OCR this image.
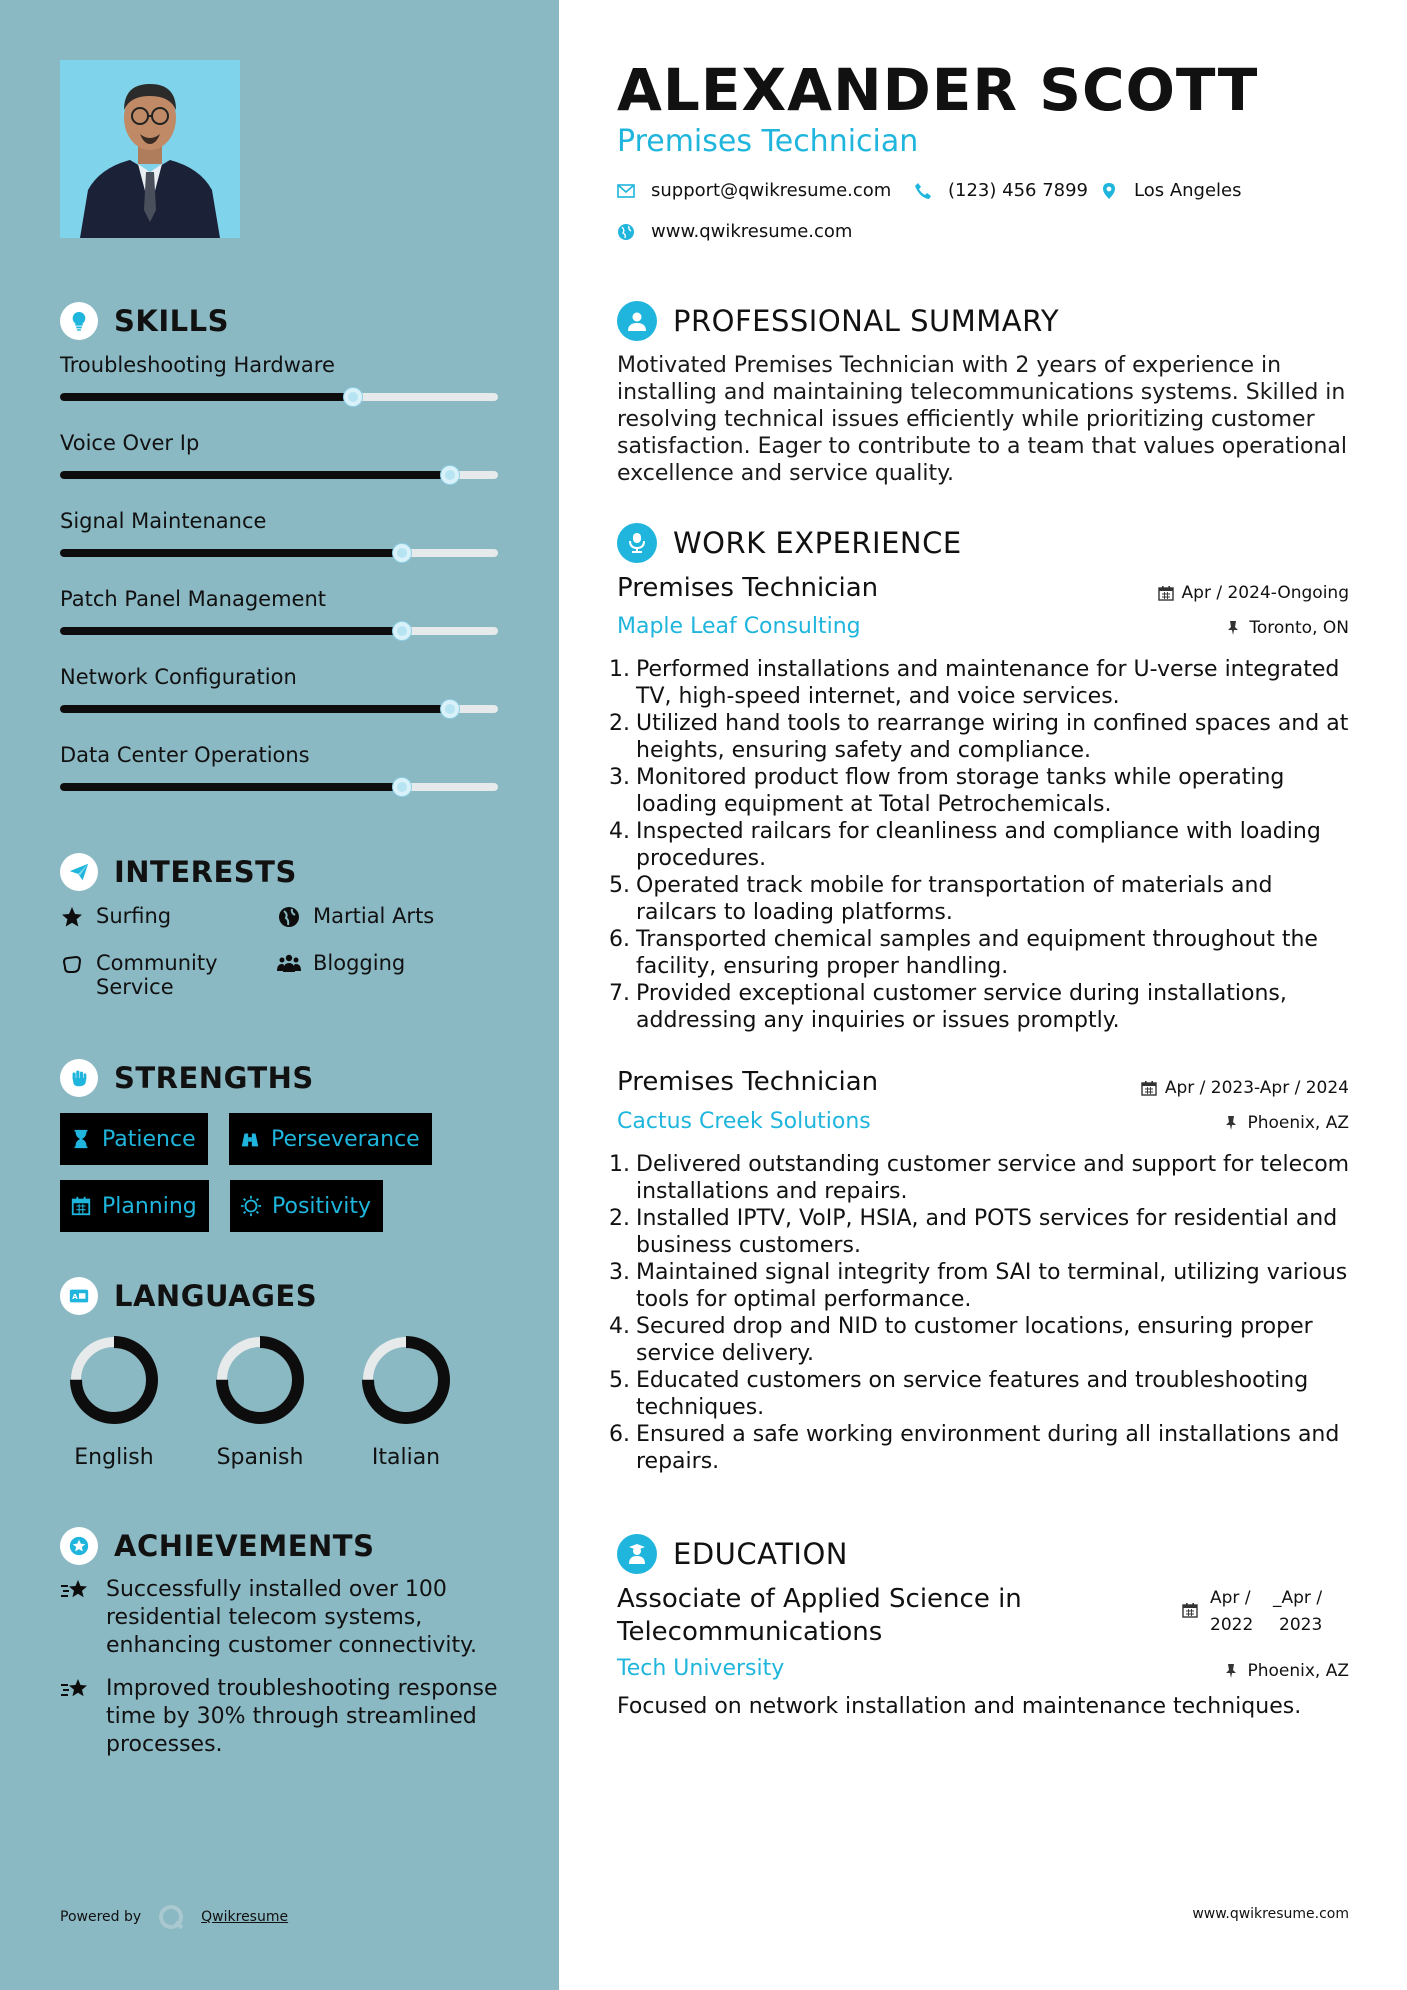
SKILLS
Troubleshooting Hardware
Voice Over Ip
Signal Maintenance
Patch Panel Management
Network Configuration
Data Center Operations
INTERESTS
Surfing	Martial Arts
Community Service
Blogging
STRENGTHS
Patience	Perseverance
Planning	Positivity
A LANGUAGES
English	Spanish	Italian
ACHIEVEMENTS
Successfully installed over 100 residential telecom systems, enhancing customer connectivity.
Improved troubleshooting response time by 30% through streamlined processes.
Powered by	Qwikresume
ALEXANDER SCOTT
Premises Technician
support@qwikresume.com	(123) 456 7899	Los Angeles
www.qwikresume.com
PROFESSIONAL SUMMARY

Motivated Premises Technician with 2 years of experience in installing and maintaining telecommunications systems. Skilled in resolving technical issues efficiently while prioritizing customer satisfaction. Eager to contribute to a team that values operational excellence and service quality.

WORK EXPERIENCE
Premises Technician	Apr / 2024-Ongoing
Maple Leaf Consulting	Toronto, ON
1. Performed installations and maintenance for U-verse integrated TV, high-speed internet, and voice services.
2. Utilized hand tools to rearrange wiring in confined spaces and at heights, ensuring safety and compliance.
3. Monitored product flow from storage tanks while operating loading equipment at Total Petrochemicals.
4. Inspected railcars for cleanliness and compliance with loading procedures.
5. Operated track mobile for transportation of materials and railcars to loading platforms.
6. Transported chemical samples and equipment throughout the facility, ensuring proper handling.
7. Provided exceptional customer service during installations, addressing any inquiries or issues promptly.
Premises Technician	Apr / 2023-Apr / 2024
Cactus Creek Solutions	Phoenix, AZ
1. Delivered outstanding customer service and support for telecom installations and repairs.
2. Installed IPTV, VoIP, HSIA, and POTS services for residential and business customers.
3. Maintained signal integrity from SAI to terminal, utilizing various tools for optimal performance.
4. Secured drop and NID to customer locations, ensuring proper service delivery.
5. Educated customers on service features and troubleshooting techniques.
6. Ensured a safe working environment during all installations and repairs.
EDUCATION
Associate of Applied Science in Telecommunications
Apr /
2022
_Apr /
2023
Tech University	Phoenix, AZ
Focused on network installation and maintenance techniques.
www.qwikresume.com
